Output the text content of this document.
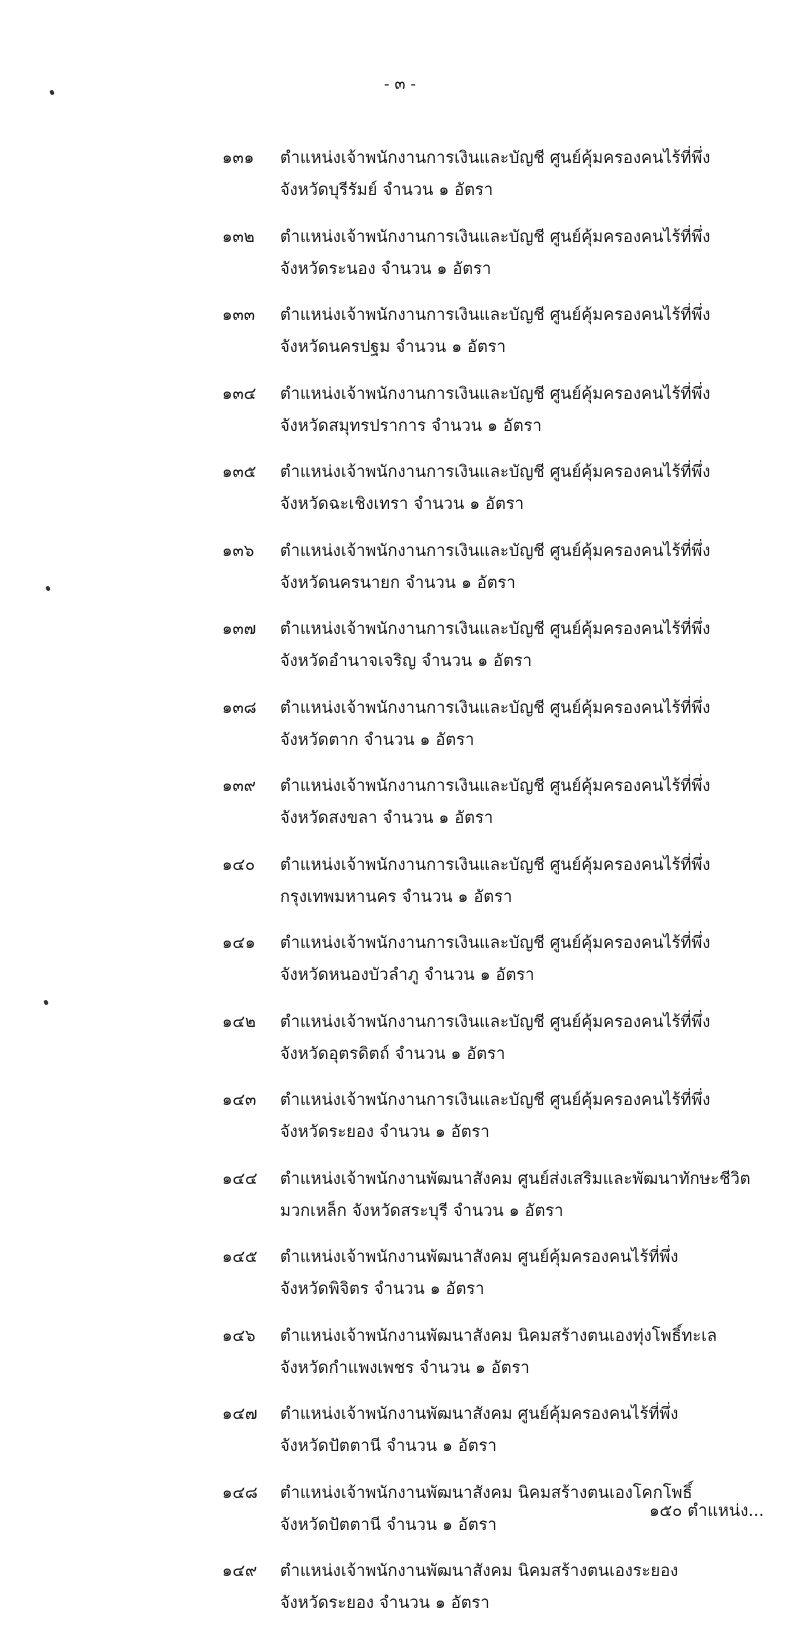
- ๓ -
๑๓๑ ตำแหน่งเจ้าพนักงานการเงินและบัญชี ศูนย์คุ้มครองคนไร้ที่พึ่ง
จังหวัดบุรีรัมย์ จำนวน ๑ อัตรา
๑๓๒ ตำแหน่งเจ้าพนักงานการเงินและบัญชี ศูนย์คุ้มครองคนไร้ที่พึ่ง
จังหวัดระนอง จำนวน ๑ อัตรา
๑๓๓ ตำแหน่งเจ้าพนักงานการเงินและบัญชี ศูนย์คุ้มครองคนไร้ที่พึ่ง
จังหวัดนครปฐม จำนวน ๑ อัตรา
๑๓๔ ตำแหน่งเจ้าพนักงานการเงินและบัญชี ศูนย์คุ้มครองคนไร้ที่พึ่ง
จังหวัดสมุทรปราการ จำนวน ๑ อัตรา
๑๓๕ ตำแหน่งเจ้าพนักงานการเงินและบัญชี ศูนย์คุ้มครองคนไร้ที่พึ่ง
จังหวัดฉะเชิงเทรา จำนวน ๑ อัตรา
๑๓๖ ตำแหน่งเจ้าพนักงานการเงินและบัญชี ศูนย์คุ้มครองคนไร้ที่พึ่ง
จังหวัดนครนายก จำนวน ๑ อัตรา
๑๓๗ ตำแหน่งเจ้าพนักงานการเงินและบัญชี ศูนย์คุ้มครองคนไร้ที่พึ่ง
จังหวัดอำนาจเจริญ จำนวน ๑ อัตรา
๑๓๘ ตำแหน่งเจ้าพนักงานการเงินและบัญชี ศูนย์คุ้มครองคนไร้ที่พึ่ง
จังหวัดตาก จำนวน ๑ อัตรา
๑๓๙ ตำแหน่งเจ้าพนักงานการเงินและบัญชี ศูนย์คุ้มครองคนไร้ที่พึ่ง
จังหวัดสงขลา จำนวน ๑ อัตรา
๑๔๐ ตำแหน่งเจ้าพนักงานการเงินและบัญชี ศูนย์คุ้มครองคนไร้ที่พึ่ง
กรุงเทพมหานคร จำนวน ๑ อัตรา
๑๔๑ ตำแหน่งเจ้าพนักงานการเงินและบัญชี ศูนย์คุ้มครองคนไร้ที่พึ่ง
จังหวัดหนองบัวลำภู จำนวน ๑ อัตรา
๑๔๒ ตำแหน่งเจ้าพนักงานการเงินและบัญชี ศูนย์คุ้มครองคนไร้ที่พึ่ง
จังหวัดอุตรดิตถ์ จำนวน ๑ อัตรา
๑๔๓ ตำแหน่งเจ้าพนักงานการเงินและบัญชี ศูนย์คุ้มครองคนไร้ที่พึ่ง
จังหวัดระยอง จำนวน ๑ อัตรา
๑๔๔ ตำแหน่งเจ้าพนักงานพัฒนาสังคม ศูนย์ส่งเสริมและพัฒนาทักษะชีวิต
มวกเหล็ก จังหวัดสระบุรี จำนวน ๑ อัตรา
๑๔๕ ตำแหน่งเจ้าพนักงานพัฒนาสังคม ศูนย์คุ้มครองคนไร้ที่พึ่ง
จังหวัดพิจิตร จำนวน ๑ อัตรา
๑๔๖ ตำแหน่งเจ้าพนักงานพัฒนาสังคม นิคมสร้างตนเองทุ่งโพธิ์ทะเล
จังหวัดกำแพงเพชร จำนวน ๑ อัตรา
๑๔๗ ตำแหน่งเจ้าพนักงานพัฒนาสังคม ศูนย์คุ้มครองคนไร้ที่พึ่ง
จังหวัดปัตตานี จำนวน ๑ อัตรา
๑๔๘ ตำแหน่งเจ้าพนักงานพัฒนาสังคม นิคมสร้างตนเองโคกโพธิ์
จังหวัดปัตตานี จำนวน ๑ อัตรา
๑๔๙ ตำแหน่งเจ้าพนักงานพัฒนาสังคม นิคมสร้างตนเองระยอง
จังหวัดระยอง จำนวน ๑ อัตรา
๑๕๐ ตำแหน่ง...
